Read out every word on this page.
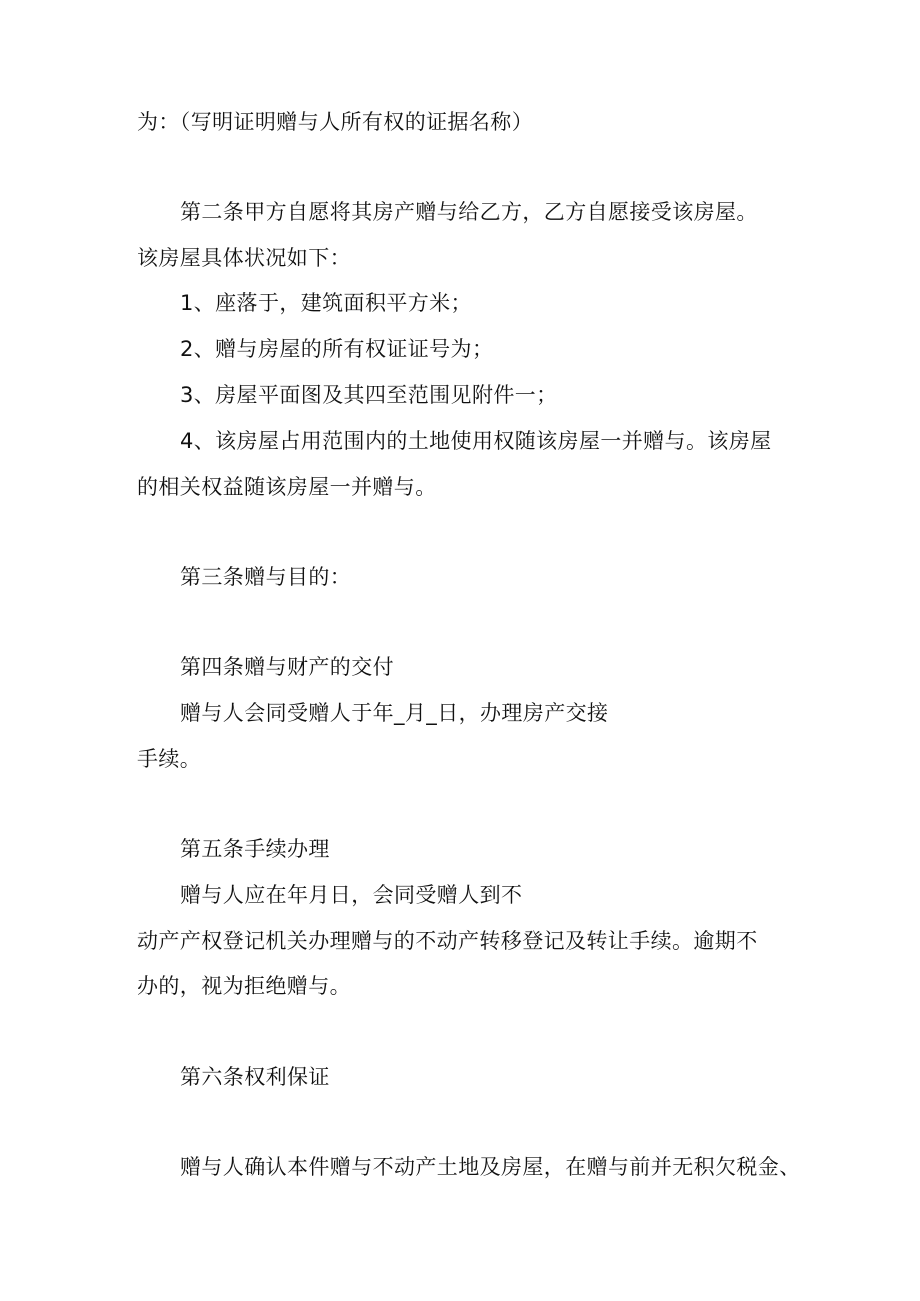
为：（写明证明赠与人所有权的证据名称）

第二条甲方自愿将其房产赠与给乙方，乙方自愿接受该房屋。

该房屋具体状况如下：

1、座落于，建筑面积平方米；

2、赠与房屋的所有权证证号为；

3、房屋平面图及其四至范围见附件一；

4、该房屋占用范围内的土地使用权随该房屋一并赠与。该房屋

的相关权益随该房屋一并赠与。

第三条赠与目的：

第四条赠与财产的交付

赠与人会同受赠人于年_月_日，办理房产交接

手续。

第五条手续办理

赠与人应在年月日，会同受赠人到不

动产产权登记机关办理赠与的不动产转移登记及转让手续。逾期不

办的，视为拒绝赠与。

第六条权利保证

赠与人确认本件赠与不动产土地及房屋，在赠与前并无积欠税金、
